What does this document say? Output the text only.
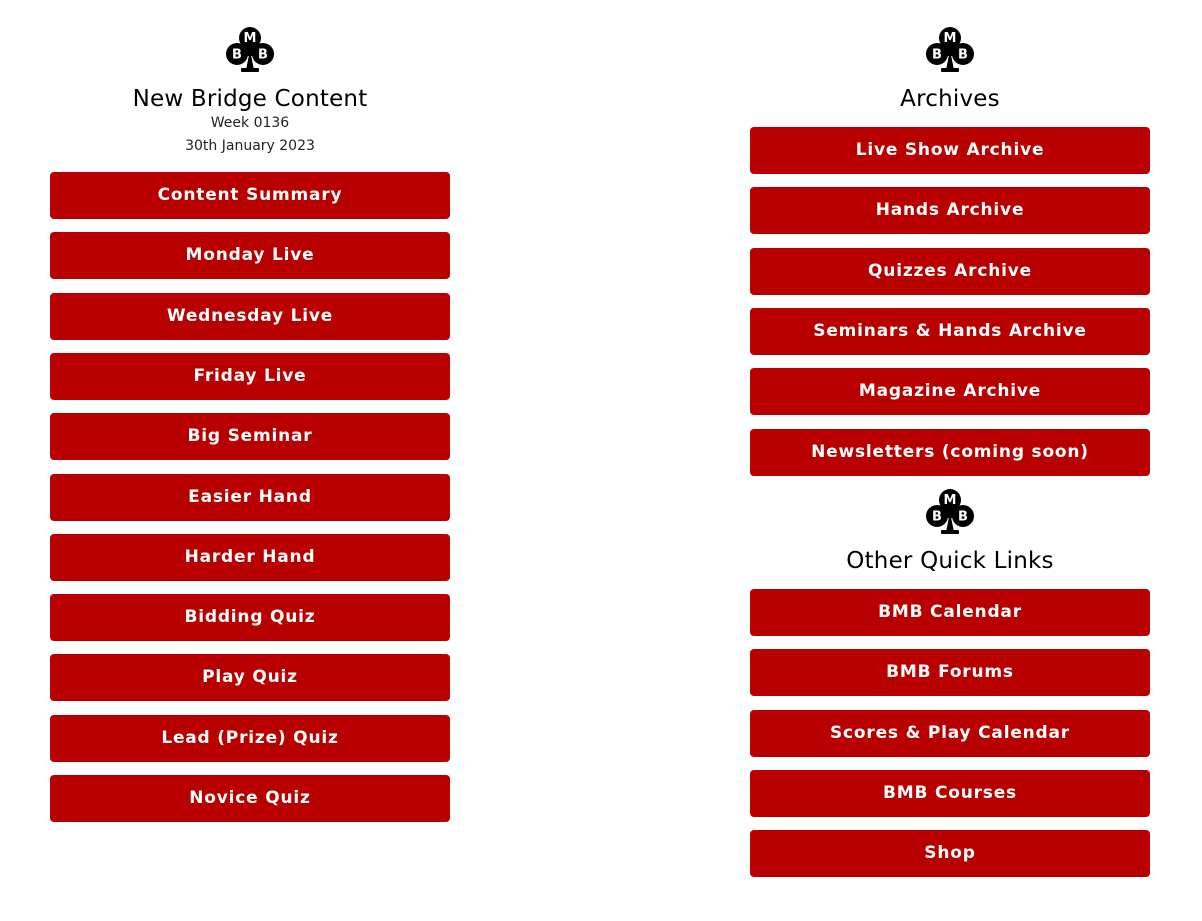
M
B B
New Bridge Content
Week 0136
30th January 2023
Content Summary
Monday Live
Wednesday Live
Friday Live
Big Seminar
Easier Hand
Harder Hand
Bidding Quiz
Play Quiz
Lead (Prize) Quiz
Novice Quiz
M
B B
Archives
Live Show Archive
Hands Archive
Quizzes Archive
Seminars & Hands Archive
Magazine Archive
Newsletters (coming soon)
M
B B
Other Quick Links
BMB Calendar
BMB Forums
Scores & Play Calendar
BMB Courses
Shop
